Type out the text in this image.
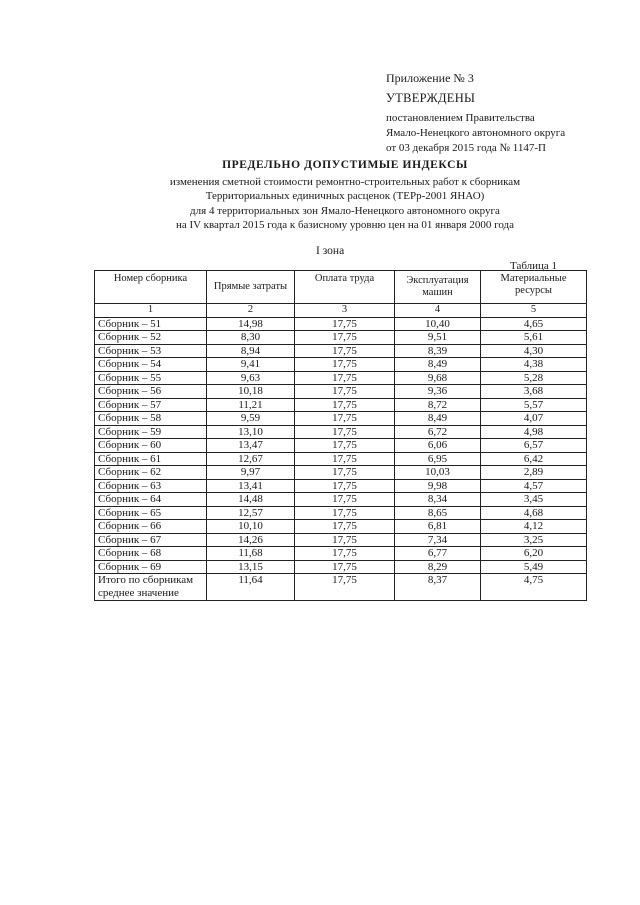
Приложение № 3
УТВЕРЖДЕНЫ
постановлением Правительства
Ямало-Ненецкого автономного округа
от 03 декабря 2015 года № 1147-П
ПРЕДЕЛЬНО ДОПУСТИМЫЕ ИНДЕКСЫ
изменения сметной стоимости ремонтно-строительных работ к сборникам
Территориальных единичных расценок (ТЕРр-2001 ЯНАО)
для 4 территориальных зон Ямало-Ненецкого автономного округа
на IV квартал 2015 года к базисному уровню цен на 01 января 2000 года
I зона
Таблица 1
Номер сборника	Прямые затраты	Оплата труда	Эксплуатация машин	Материальные ресурсы
1	2	3	4	5
Сборник – 51	14,98	17,75	10,40	4,65
Сборник – 52	8,30	17,75	9,51	5,61
Сборник – 53	8,94	17,75	8,39	4,30
Сборник – 54	9,41	17,75	8,49	4,38
Сборник – 55	9,63	17,75	9,68	5,28
Сборник – 56	10,18	17,75	9,36	3,68
Сборник – 57	11,21	17,75	8,72	5,57
Сборник – 58	9,59	17,75	8,49	4,07
Сборник – 59	13,10	17,75	6,72	4,98
Сборник – 60	13,47	17,75	6,06	6,57
Сборник – 61	12,67	17,75	6,95	6,42
Сборник – 62	9,97	17,75	10,03	2,89
Сборник – 63	13,41	17,75	9,98	4,57
Сборник – 64	14,48	17,75	8,34	3,45
Сборник – 65	12,57	17,75	8,65	4,68
Сборник – 66	10,10	17,75	6,81	4,12
Сборник – 67	14,26	17,75	7,34	3,25
Сборник – 68	11,68	17,75	6,77	6,20
Сборник – 69	13,15	17,75	8,29	5,49

Итого по сборникам
среднее значение	11,64	17,75	8,37	4,75
